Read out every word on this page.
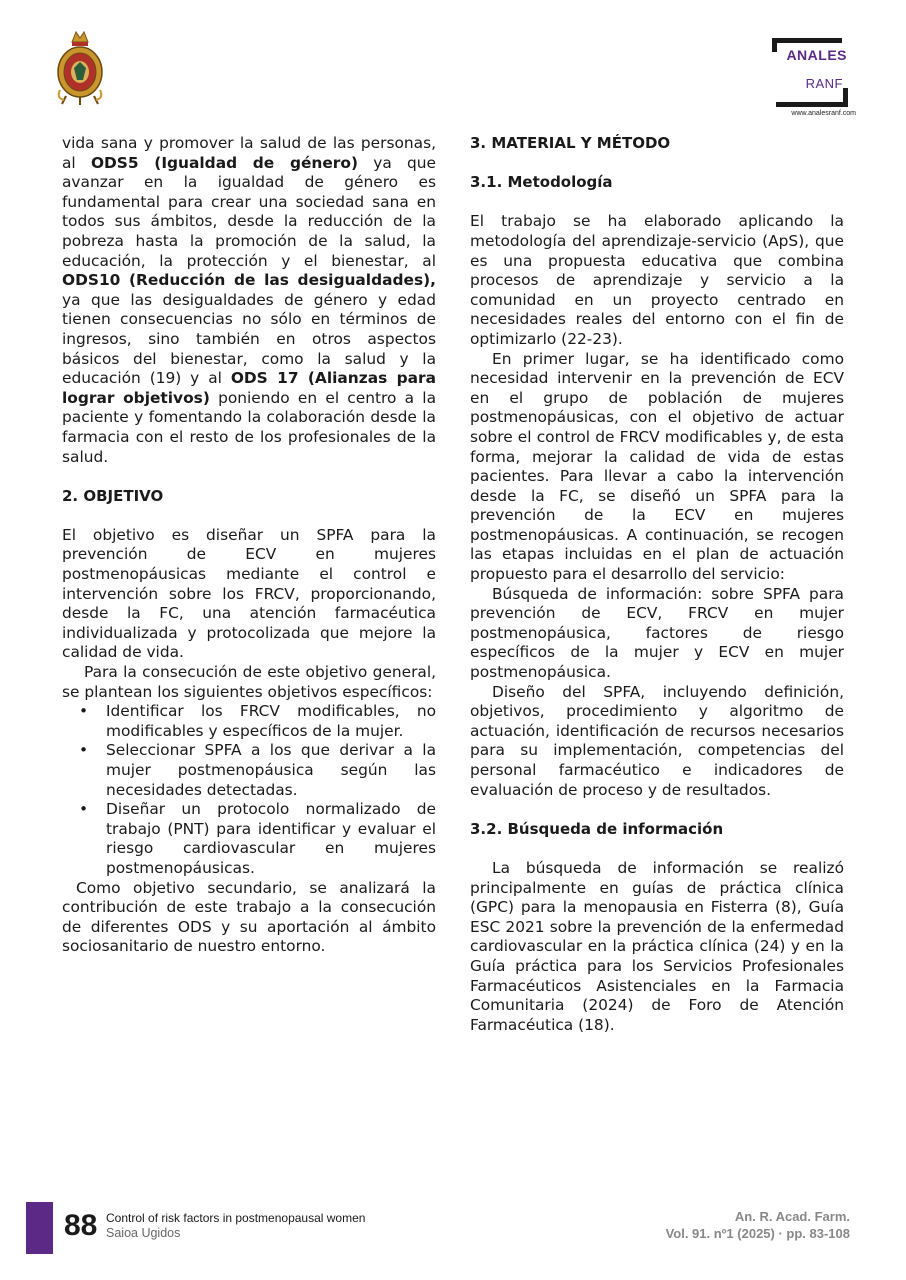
ANALES
RANF
www.analesranf.com

vida sana y promover la salud de las personas, al ODS5 (Igualdad de género) ya que avanzar en la igualdad de género es fundamental para crear una sociedad sana en todos sus ámbitos, desde la reducción de la pobreza hasta la promoción de la salud, la educación, la protección y el bienestar, al ODS10 (Reducción de las desigualdades), ya que las desigualdades de género y edad tienen consecuencias no sólo en términos de ingresos, sino también en otros aspectos básicos del bienestar, como la salud y la educación (19) y al ODS 17 (Alianzas para lograr objetivos) poniendo en el centro a la paciente y fomentando la colaboración desde la farmacia con el resto de los profesionales de la salud.

2. OBJETIVO

El objetivo es diseñar un SPFA para la prevención de ECV en mujeres postmenopáusicas mediante el control e intervención sobre los FRCV, proporcionando, desde la FC, una atención farmacéutica individualizada y protocolizada que mejore la calidad de vida.

Para la consecución de este objetivo general, se plantean los siguientes objetivos específicos:

• Identificar los FRCV modificables, no modificables y específicos de la mujer.
• Seleccionar SPFA a los que derivar a la mujer postmenopáusica según las necesidades detectadas.
• Diseñar un protocolo normalizado de trabajo (PNT) para identificar y evaluar el riesgo cardiovascular en mujeres postmenopáusicas.

Como objetivo secundario, se analizará la contribución de este trabajo a la consecución de diferentes ODS y su aportación al ámbito sociosanitario de nuestro entorno.

3. MATERIAL Y MÉTODO
3.1. Metodología

El trabajo se ha elaborado aplicando la metodología del aprendizaje-servicio (ApS), que es una propuesta educativa que combina procesos de aprendizaje y servicio a la comunidad en un proyecto centrado en necesidades reales del entorno con el fin de optimizarlo (22-23).

En primer lugar, se ha identificado como necesidad intervenir en la prevención de ECV en el grupo de población de mujeres postmenopáusicas, con el objetivo de actuar sobre el control de FRCV modificables y, de esta forma, mejorar la calidad de vida de estas pacientes. Para llevar a cabo la intervención desde la FC, se diseñó un SPFA para la prevención de la ECV en mujeres postmenopáusicas. A continuación, se recogen las etapas incluidas en el plan de actuación propuesto para el desarrollo del servicio:

Búsqueda de información: sobre SPFA para prevención de ECV, FRCV en mujer postmenopáusica, factores de riesgo específicos de la mujer y ECV en mujer postmenopáusica.

Diseño del SPFA, incluyendo definición, objetivos, procedimiento y algoritmo de actuación, identificación de recursos necesarios para su implementación, competencias del personal farmacéutico e indicadores de evaluación de proceso y de resultados.

3.2. Búsqueda de información

La búsqueda de información se realizó principalmente en guías de práctica clínica (GPC) para la menopausia en Fisterra (8), Guía ESC 2021 sobre la prevención de la enfermedad cardiovascular en la práctica clínica (24) y en la Guía práctica para los Servicios Profesionales Farmacéuticos Asistenciales en la Farmacia Comunitaria (2024) de Foro de Atención Farmacéutica (18).

88 Control of risk factors in postmenopausal women
Saioa Ugidos
An. R. Acad. Farm.
Vol. 91. nº1 (2025) · pp. 83-108
